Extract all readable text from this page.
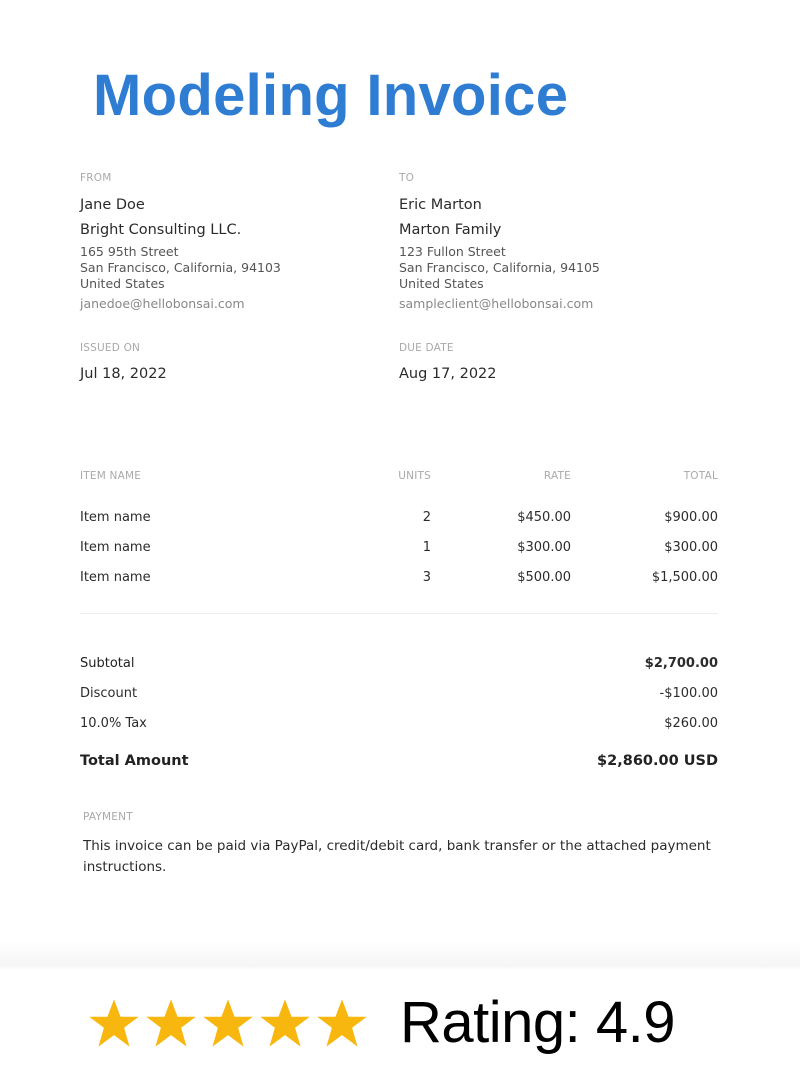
Modeling Invoice
FROM
Jane Doe
Bright Consulting LLC.
165 95th Street
San Francisco, California, 94103
United States
janedoe@hellobonsai.com
TO
Eric Marton
Marton Family
123 Fullon Street
San Francisco, California, 94105
United States
sampleclient@hellobonsai.com
ISSUED ON
Jul 18, 2022
DUE DATE
Aug 17, 2022
ITEM NAME	UNITS	RATE	TOTAL
Item name	2	$450.00	$900.00
Item name	1	$300.00	$300.00
Item name	3	$500.00	$1,500.00
Subtotal	$2,700.00
Discount	-$100.00
10.0% Tax	$260.00
Total Amount	$2,860.00 USD
PAYMENT
This invoice can be paid via PayPal, credit/debit card, bank transfer or the attached payment instructions.
Rating: 4.9
